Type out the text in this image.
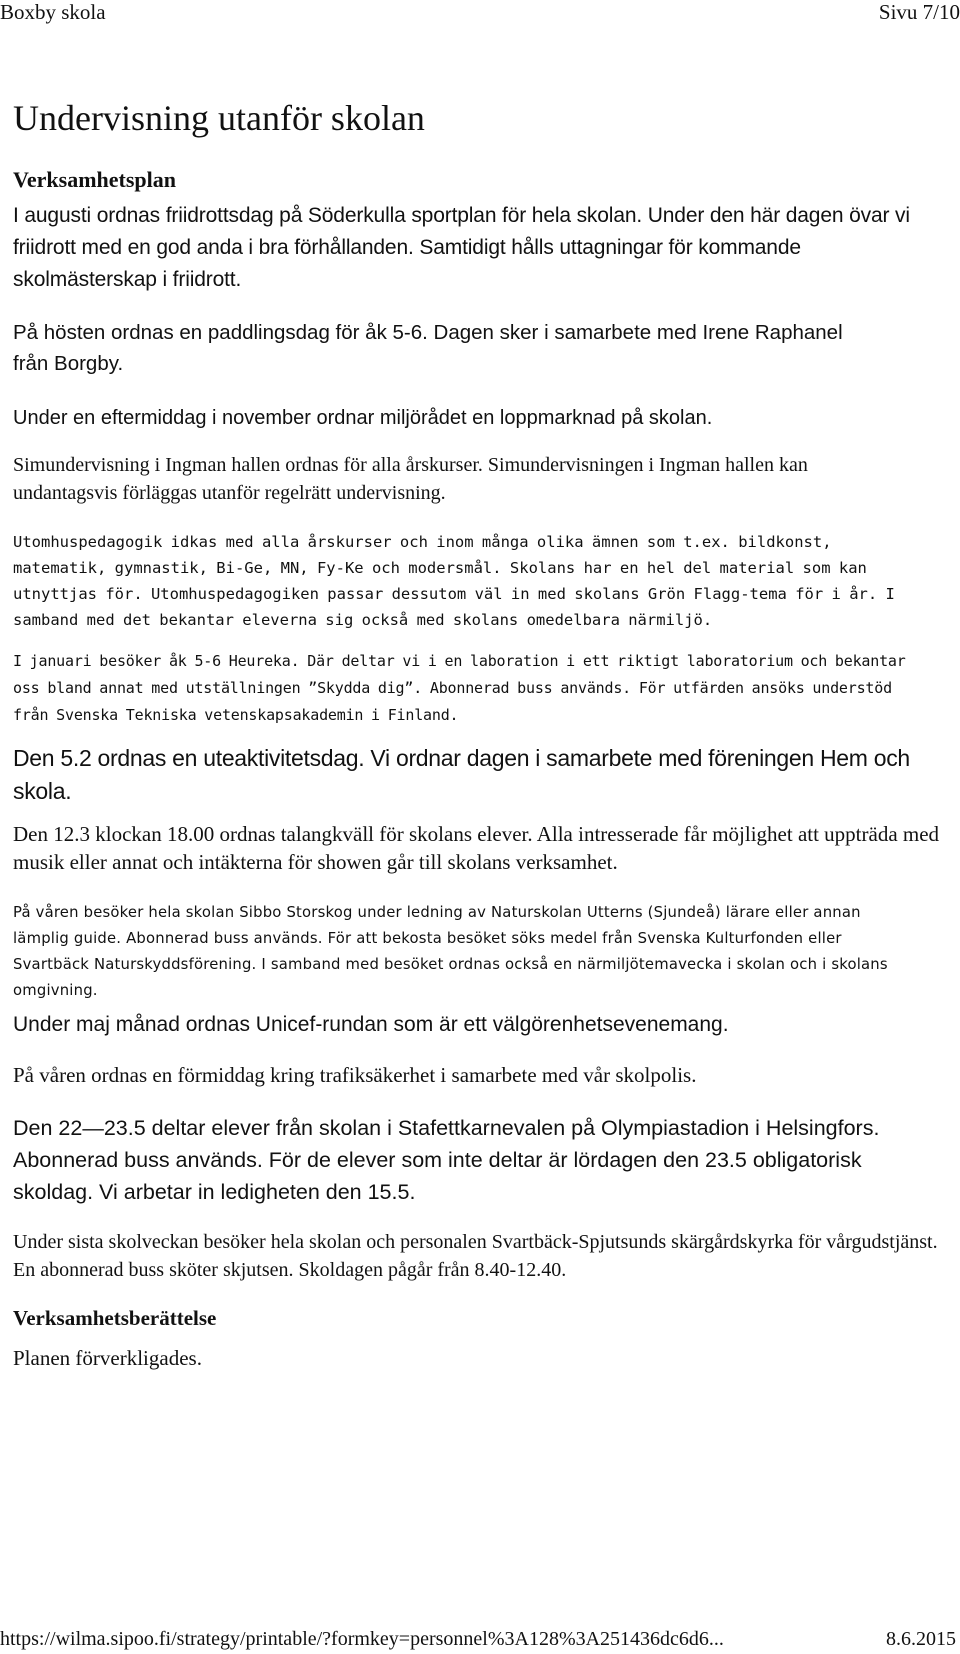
Boxby skola	Sivu 7/10
Undervisning utanför skolan
Verksamhetsplan

I augusti ordnas friidrottsdag på Söderkulla sportplan för hela skolan. Under den här dagen övar vi friidrott med en god anda i bra förhållanden. Samtidigt hålls uttagningar för kommande skolmästerskap i friidrott.

På hösten ordnas en paddlingsdag för åk 5-6. Dagen sker i samarbete med Irene Raphanel från Borgby.

Under en eftermiddag i november ordnar miljörådet en loppmarknad på skolan.

Simundervisning i Ingman hallen ordnas för alla årskurser. Simundervisningen i Ingman hallen kan undantagsvis förläggas utanför regelrätt undervisning.

Utomhuspedagogik idkas med alla årskurser och inom många olika ämnen som t.ex. bildkonst, matematik, gymnastik, Bi-Ge, MN, Fy-Ke och modersmål. Skolans har en hel del material som kan utnyttjas för. Utomhuspedagogiken passar dessutom väl in med skolans Grön Flagg-tema för i år. I samband med det bekantar eleverna sig också med skolans omedelbara närmiljö.

I januari besöker åk 5-6 Heureka. Där deltar vi i en laboration i ett riktigt laboratorium och bekantar oss bland annat med utställningen ”Skydda dig”. Abonnerad buss används. För utfärden ansöks understöd från Svenska Tekniska vetenskapsakademin i Finland.

Den 5.2 ordnas en uteaktivitetsdag. Vi ordnar dagen i samarbete med föreningen Hem och skola.

Den 12.3 klockan 18.00 ordnas talangkväll för skolans elever. Alla intresserade får möjlighet att uppträda med musik eller annat och intäkterna för showen går till skolans verksamhet.

På våren besöker hela skolan Sibbo Storskog under ledning av Naturskolan Utterns (Sjundeå) lärare eller annan lämplig guide. Abonnerad buss används. För att bekosta besöket söks medel från Svenska Kulturfonden eller Svartbäck Naturskyddsförening. I samband med besöket ordnas också en närmiljötemavecka i skolan och i skolans omgivning.

Under maj månad ordnas Unicef-rundan som är ett välgörenhetsevenemang.

På våren ordnas en förmiddag kring trafiksäkerhet i samarbete med vår skolpolis.

Den 22—23.5 deltar elever från skolan i Stafettkarnevalen på Olympiastadion i Helsingfors. Abonnerad buss används. För de elever som inte deltar är lördagen den 23.5 obligatorisk skoldag. Vi arbetar in ledigheten den 15.5.

Under sista skolveckan besöker hela skolan och personalen Svartbäck-Spjutsunds skärgårdskyrka för vårgudstjänst. En abonnerad buss sköter skjutsen. Skoldagen pågår från 8.40-12.40.

Verksamhetsberättelse

Planen förverkligades.

https://wilma.sipoo.fi/strategy/printable/?formkey=personnel%3A128%3A251436dc6d6...	8.6.2015
